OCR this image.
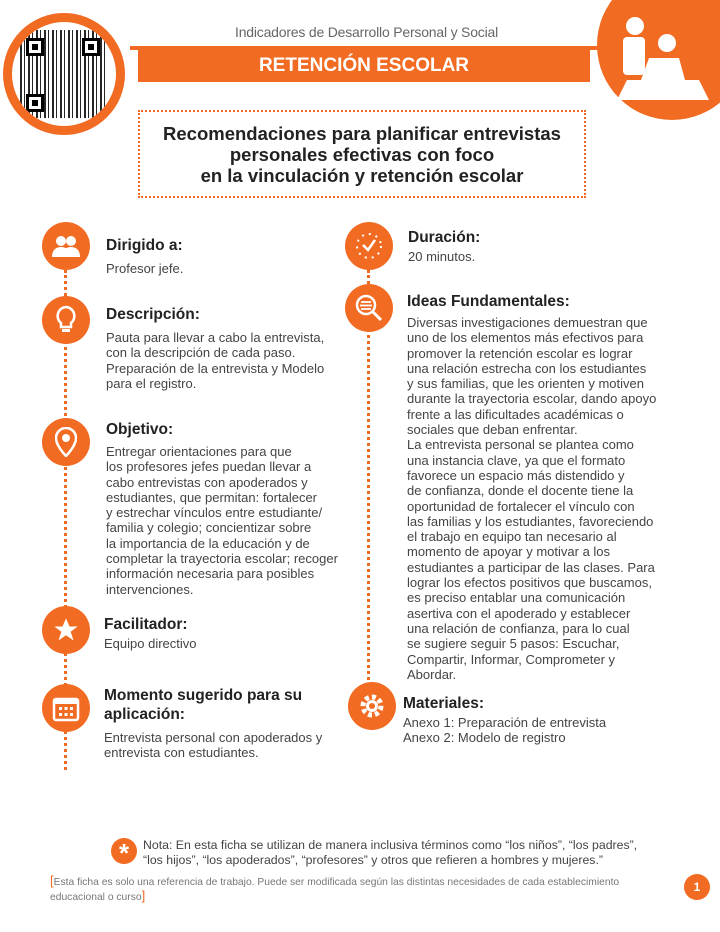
Indicadores de Desarrollo Personal y Social
RETENCIÓN ESCOLAR
Recomendaciones para planificar entrevistas
personales efectivas con foco
en la vinculación y retención escolar
Dirigido a:
Profesor jefe.
Descripción:
Pauta para llevar a cabo la entrevista,
con la descripción de cada paso.
Preparación de la entrevista y Modelo
para el registro.
Objetivo:
Entregar orientaciones para que
los profesores jefes puedan llevar a
cabo entrevistas con apoderados y
estudiantes, que permitan: fortalecer
y estrechar vínculos entre estudiante/
familia y colegio; concientizar sobre
la importancia de la educación y de
completar la trayectoria escolar; recoger
información necesaria para posibles
intervenciones.
Facilitador:
Equipo directivo
Momento sugerido para su
aplicación:
Entrevista personal con apoderados y
entrevista con estudiantes.
Duración:
20 minutos.
Ideas Fundamentales:
Diversas investigaciones demuestran que
uno de los elementos más efectivos para
promover la retención escolar es lograr
una relación estrecha con los estudiantes
y sus familias, que les orienten y motiven
durante la trayectoria escolar, dando apoyo
frente a las dificultades académicas o
sociales que deban enfrentar.
La entrevista personal se plantea como
una instancia clave, ya que el formato
favorece un espacio más distendido y
de confianza, donde el docente tiene la
oportunidad de fortalecer el vínculo con
las familias y los estudiantes, favoreciendo
el trabajo en equipo tan necesario al
momento de apoyar y motivar a los
estudiantes a participar de las clases. Para
lograr los efectos positivos que buscamos,
es preciso entablar una comunicación
asertiva con el apoderado y establecer
una relación de confianza, para lo cual
se sugiere seguir 5 pasos: Escuchar,
Compartir, Informar, Comprometer y
Abordar.
Materiales:
Anexo 1: Preparación de entrevista
Anexo 2: Modelo de registro
*	Nota: En esta ficha se utilizan de manera inclusiva términos como “los niños”, “los padres”,
“los hijos”, “los apoderados”, “profesores” y otros que refieren a hombres y mujeres.”
[Esta ficha es solo una referencia de trabajo. Puede ser modificada según las distintas necesidades de cada establecimiento educacional o curso]
1
